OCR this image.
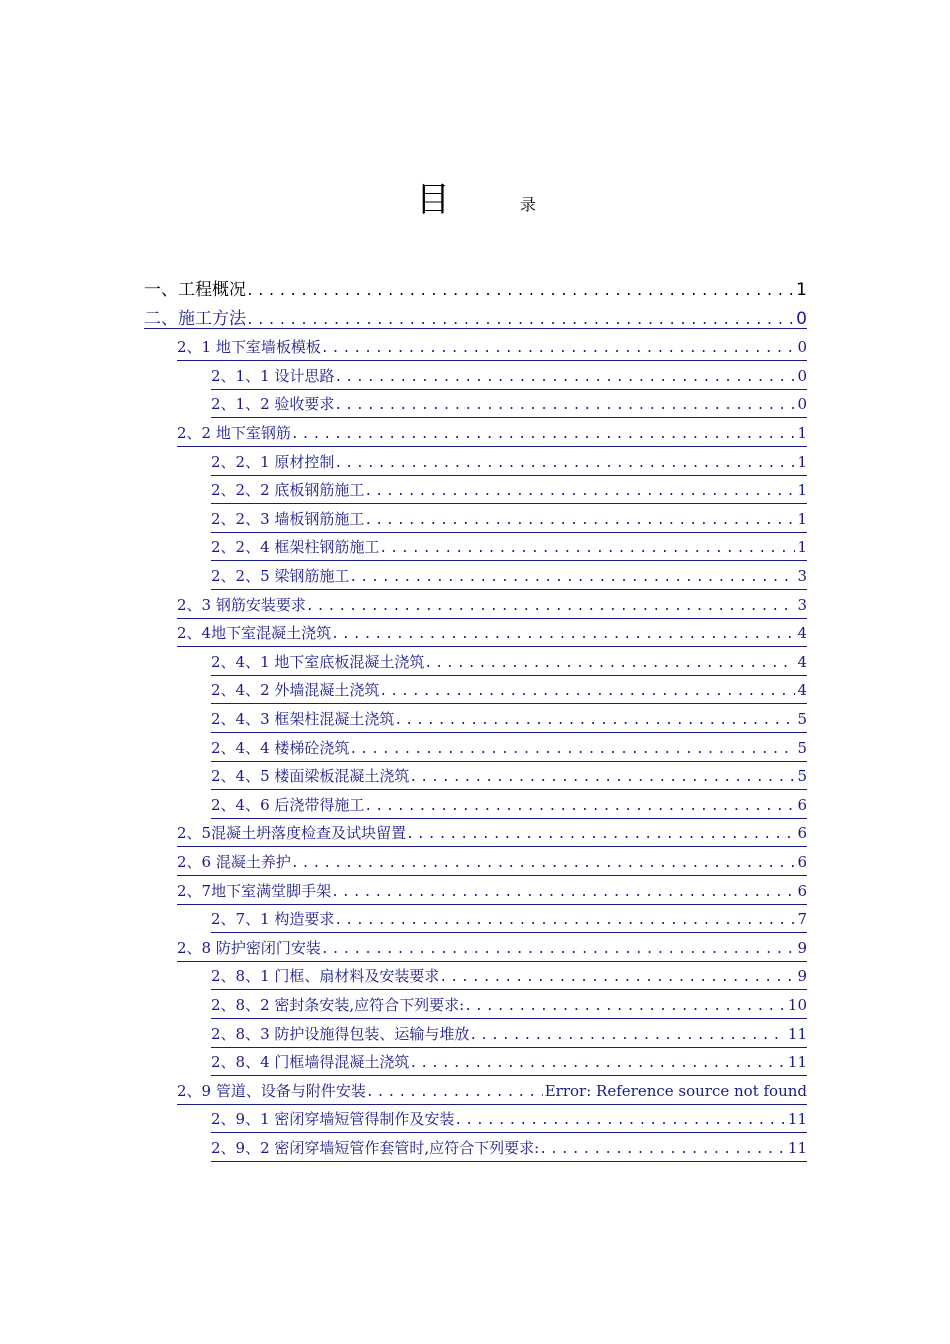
目	录
一、工程概况 .....	1
二、施工方法 .....	0
2、1 地下室墙板模板 .....	0
2、1、1 设计思路 .....	0
2、1、2 验收要求 .....	0
2、2 地下室钢筋 .....	1
2、2、1 原材控制 .....	1
2、2、2 底板钢筋施工 .....	1
2、2、3 墙板钢筋施工 .....	1
2、2、4 框架柱钢筋施工 .....	1
2、2、5 梁钢筋施工 .....	3
2、3 钢筋安装要求 .....	3
2、4地下室混凝土浇筑 .....	4
2、4、1 地下室底板混凝土浇筑 .....	4
2、4、2 外墙混凝土浇筑 .....	4
2、4、3 框架柱混凝土浇筑 .....	5
2、4、4 楼梯砼浇筑 .....	5
2、4、5 楼面梁板混凝土浇筑 .....	5
2、4、6 后浇带得施工 .....	6
2、5混凝土坍落度检查及试块留置 .....	6
2、6 混凝土养护 .....	6
2、7地下室满堂脚手架 .....	6
2、7、1 构造要求 .....	7
2、8 防护密闭门安装 .....	9
2、8、1 门框、扇材料及安装要求 .....	9
2、8、2 密封条安装,应符合下列要求: .....	10
2、8、3 防护设施得包装、运输与堆放 .....	11
2、8、4 门框墙得混凝土浇筑 .....	11
2、9 管道、设备与附件安装 .....	Error: Reference source not found
2、9、1 密闭穿墙短管得制作及安装 .....	11
2、9、2 密闭穿墙短管作套管时,应符合下列要求: .....	11
